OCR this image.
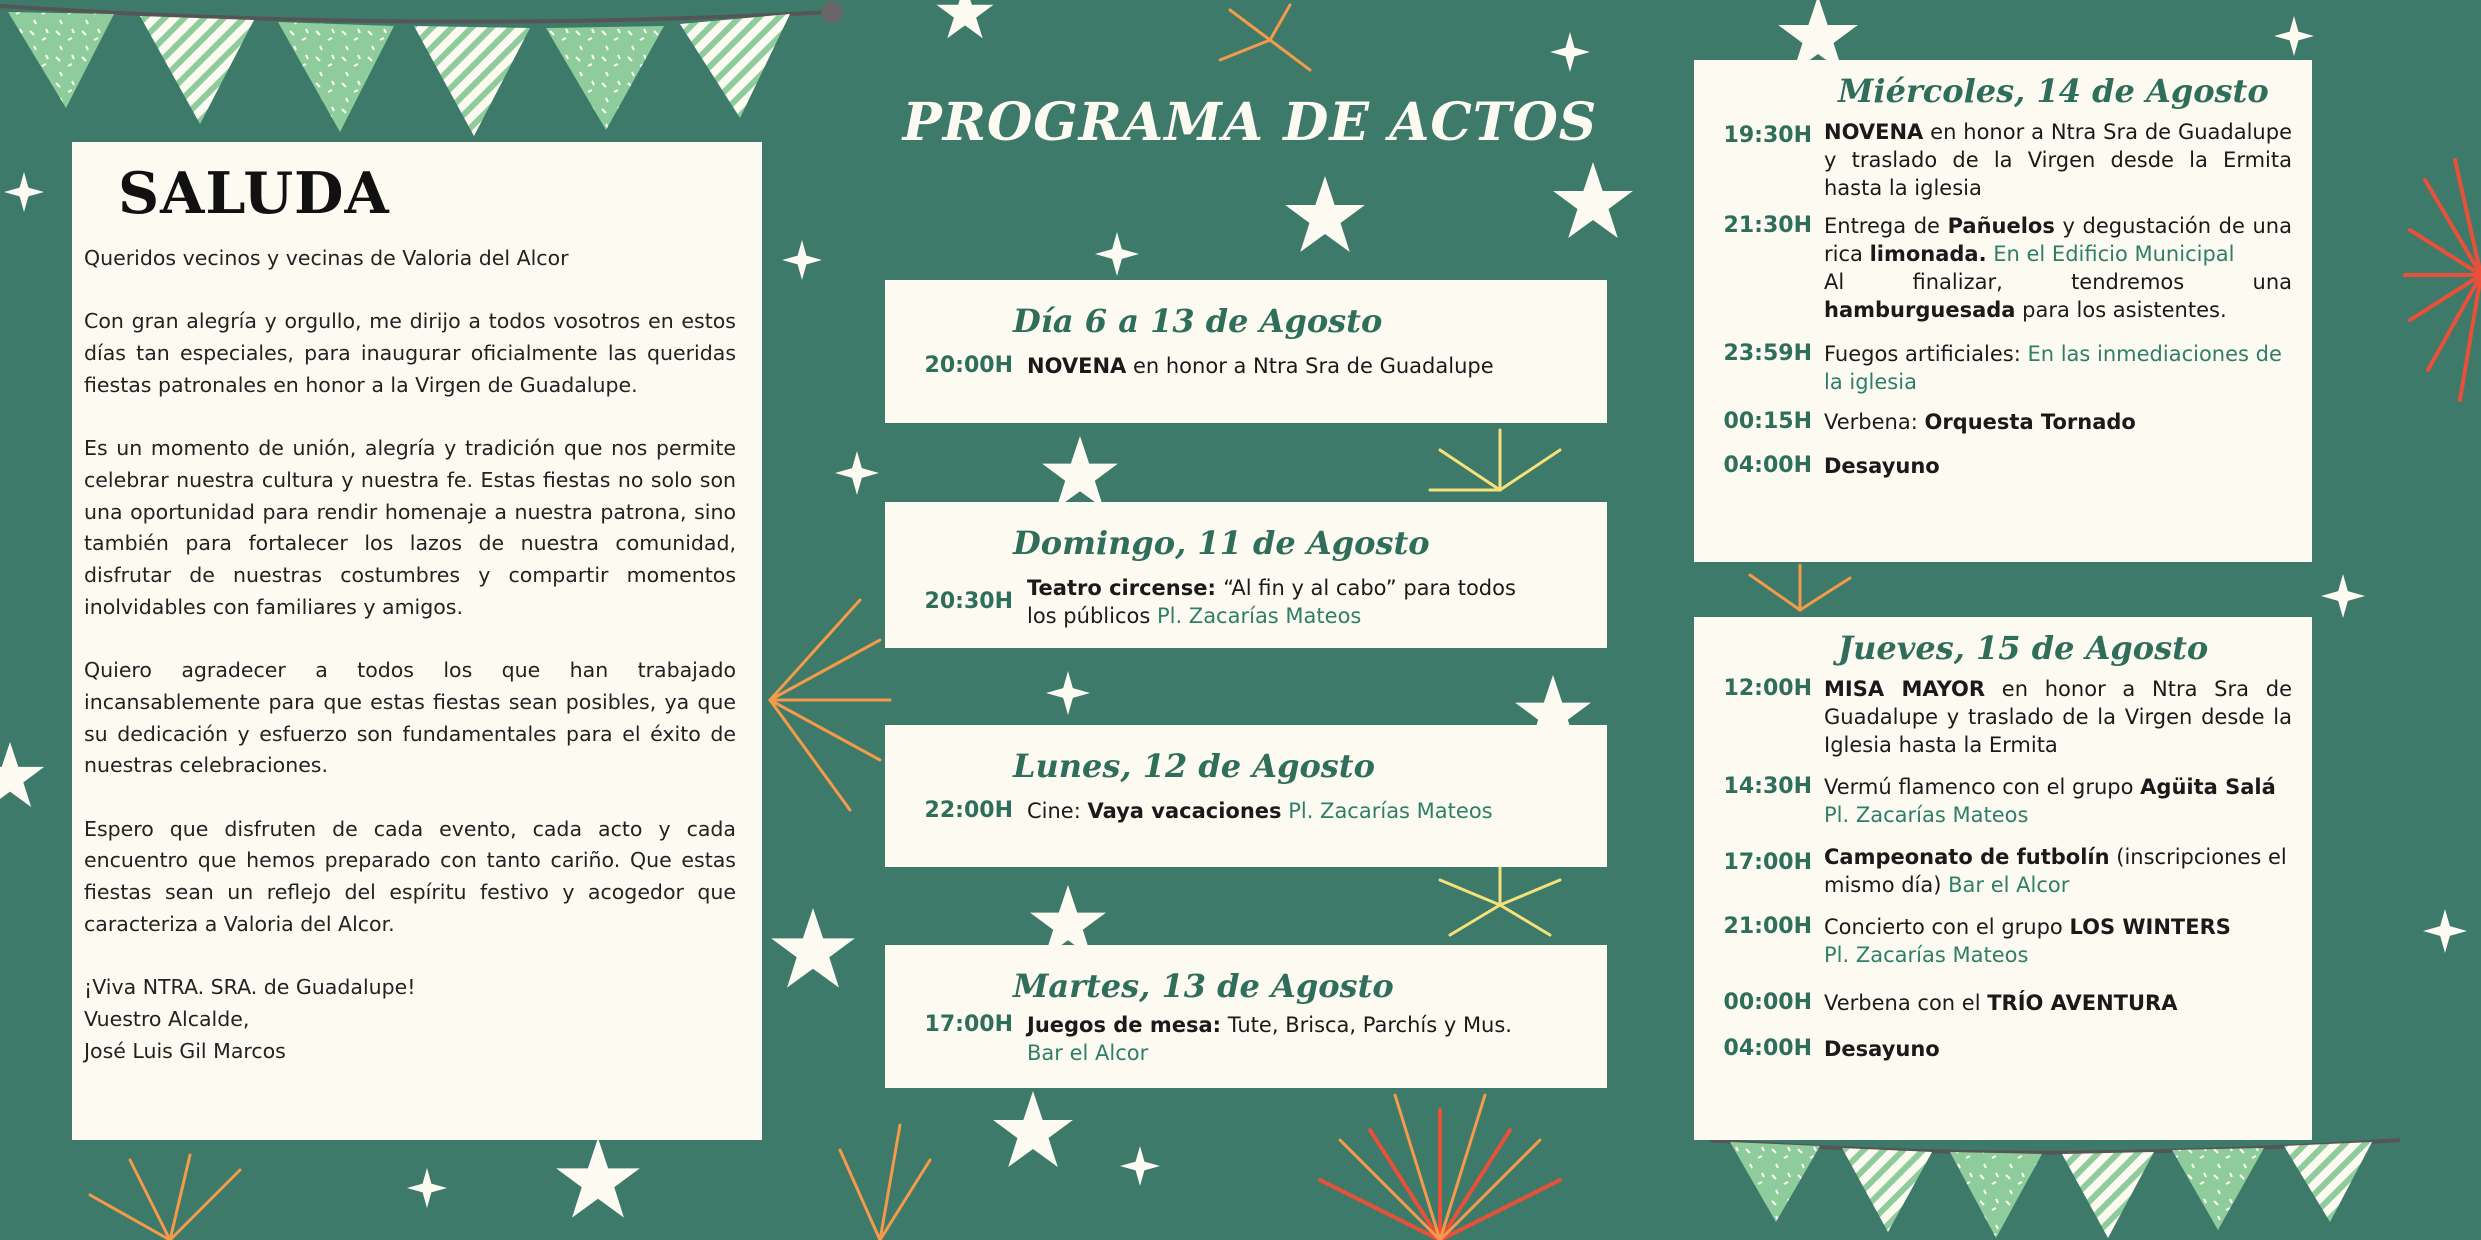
SALUDA

Queridos vecinos y vecinas de Valoria del Alcor

Con gran alegría y orgullo, me dirijo a todos vosotros en estos días tan especiales, para inaugurar oficialmente las queridas fiestas patronales en honor a la Virgen de Guadalupe.

Es un momento de unión, alegría y tradición que nos permite celebrar nuestra cultura y nuestra fe. Estas fiestas no solo son una oportunidad para rendir homenaje a nuestra patrona, sino también para fortalecer los lazos de nuestra comunidad, disfrutar de nuestras costumbres y compartir momentos inolvidables con familiares y amigos.

Quiero agradecer a todos los que han trabajado incansablemente para que estas fiestas sean posibles, ya que su dedicación y esfuerzo son fundamentales para el éxito de nuestras celebraciones.

Espero que disfruten de cada evento, cada acto y cada encuentro que hemos preparado con tanto cariño. Que estas fiestas sean un reflejo del espíritu festivo y acogedor que caracteriza a Valoria del Alcor.

¡Viva NTRA. SRA. de Guadalupe!

Vuestro Alcalde,

José Luis Gil Marcos

PROGRAMA DE ACTOS
Día 6 a 13 de Agosto
20:00H NOVENA en honor a Ntra Sra de Guadalupe
Domingo, 11 de Agosto
20:30H
Teatro circense: “Al fin y al cabo” para todos los públicos Pl. Zacarías Mateos
Lunes, 12 de Agosto
22:00H Cine: Vaya vacaciones Pl. Zacarías Mateos
Martes, 13 de Agosto
17:00H Juegos de mesa: Tute, Brisca, Parchís y Mus. Bar el Alcor
Miércoles, 14 de Agosto
19:30H NOVENA en honor a Ntra Sra de Guadalupe y traslado de la Virgen desde la Ermita hasta la iglesia
21:30H Entrega de Pañuelos y degustación de una rica limonada. En el Edificio Municipal
Al finalizar, tendremos una hamburguesada para los asistentes.
23:59H Fuegos artificiales: En las inmediaciones de la iglesia
00:15H Verbena: Orquesta Tornado
04:00H Desayuno
Jueves, 15 de Agosto
12:00H MISA MAYOR en honor a Ntra Sra de Guadalupe y traslado de la Virgen desde la Iglesia hasta la Ermita
14:30H Vermú flamenco con el grupo Agüita Salá
Pl. Zacarías Mateos
17:00H Campeonato de futbolín (inscripciones el mismo día) Bar el Alcor
21:00H Concierto con el grupo LOS WINTERS
Pl. Zacarías Mateos
00:00H Verbena con el TRÍO AVENTURA
04:00H Desayuno
